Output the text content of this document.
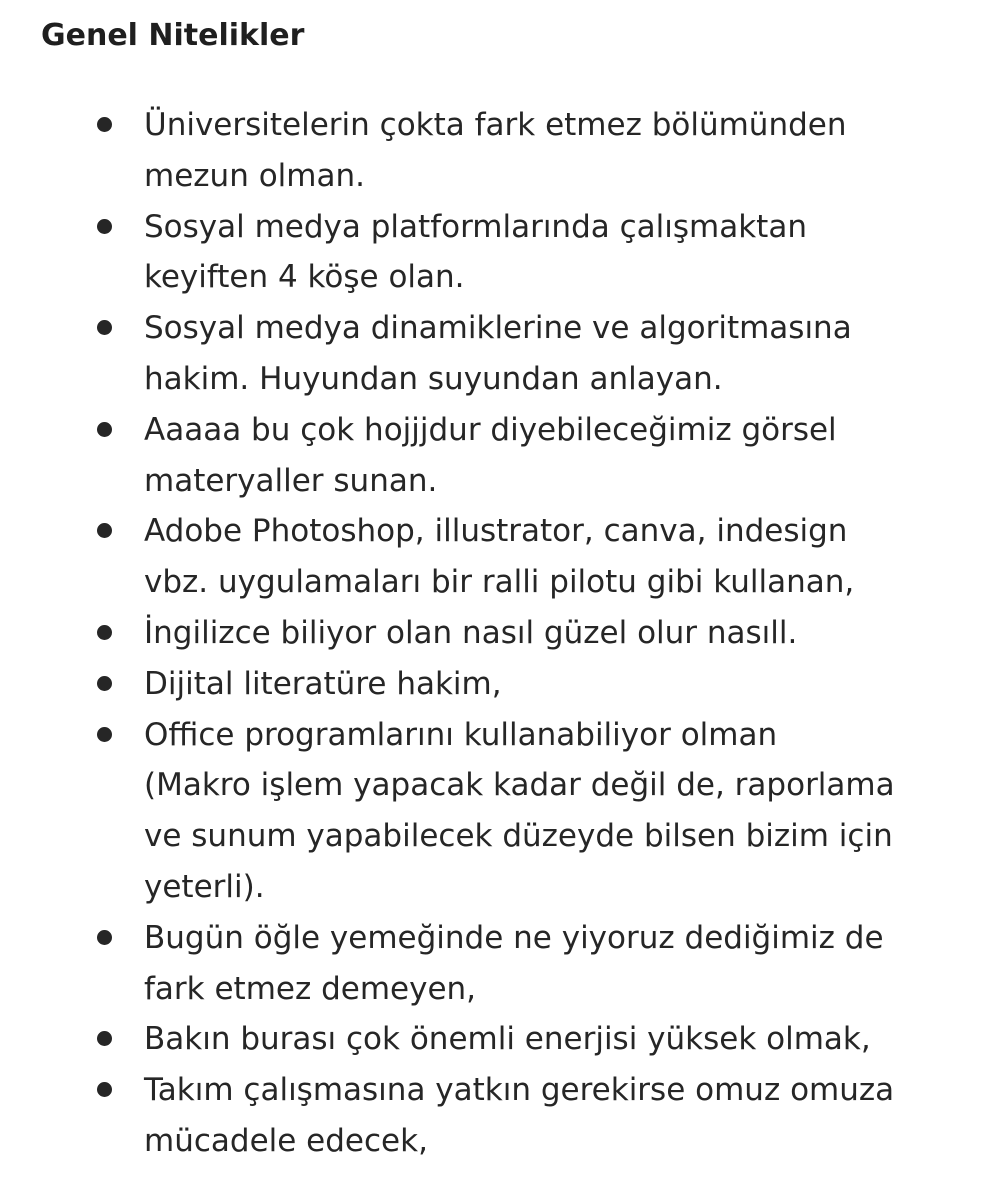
Genel Nitelikler
Üniversitelerin çokta fark etmez bölümünden
mezun olman.
Sosyal medya platformlarında çalışmaktan
keyiften 4 köşe olan.
Sosyal medya dinamiklerine ve algoritmasına
hakim. Huyundan suyundan anlayan.
Aaaaa bu çok hojjjdur diyebileceğimiz görsel
materyaller sunan.
Adobe Photoshop, illustrator, canva, indesign
vbz. uygulamaları bir ralli pilotu gibi kullanan,
İngilizce biliyor olan nasıl güzel olur nasıll.
Dijital literatüre hakim,
Office programlarını kullanabiliyor olman
(Makro işlem yapacak kadar değil de, raporlama
ve sunum yapabilecek düzeyde bilsen bizim için
yeterli).
Bugün öğle yemeğinde ne yiyoruz dediğimiz de
fark etmez demeyen,
Bakın burası çok önemli enerjisi yüksek olmak,
Takım çalışmasına yatkın gerekirse omuz omuza
mücadele edecek,
